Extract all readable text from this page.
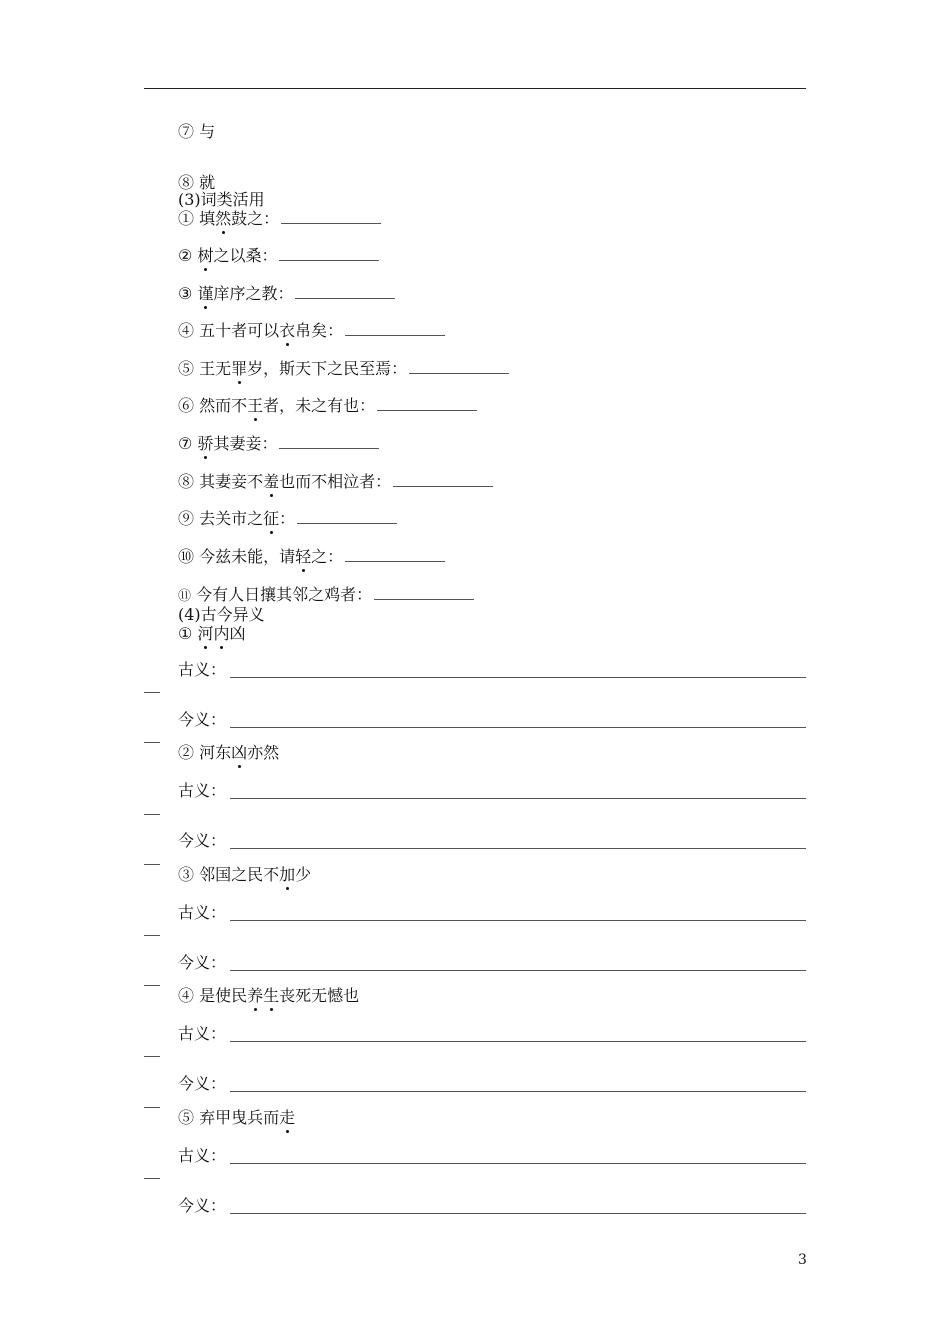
⑦ 与
⑧ 就
(3)词类活用
① 填然鼓之：
② 树之以桑：
③ 谨庠序之教：
④ 五十者可以衣帛矣：
⑤ 王无罪岁，斯天下之民至焉：
⑥ 然而不王者，未之有也：
⑦ 骄其妻妾：
⑧ 其妻妾不羞也而不相泣者：
⑨ 去关市之征：
⑩ 今兹未能，请轻之：
⑪ 今有人日攘其邻之鸡者：
(4)古今异义
① 河内凶
古义：
今义：
② 河东凶亦然
古义：
今义：
③ 邻国之民不加少
古义：
今义：
④ 是使民养生丧死无憾也
古义：
今义：
⑤ 弃甲曳兵而走
古义：
今义：
3
